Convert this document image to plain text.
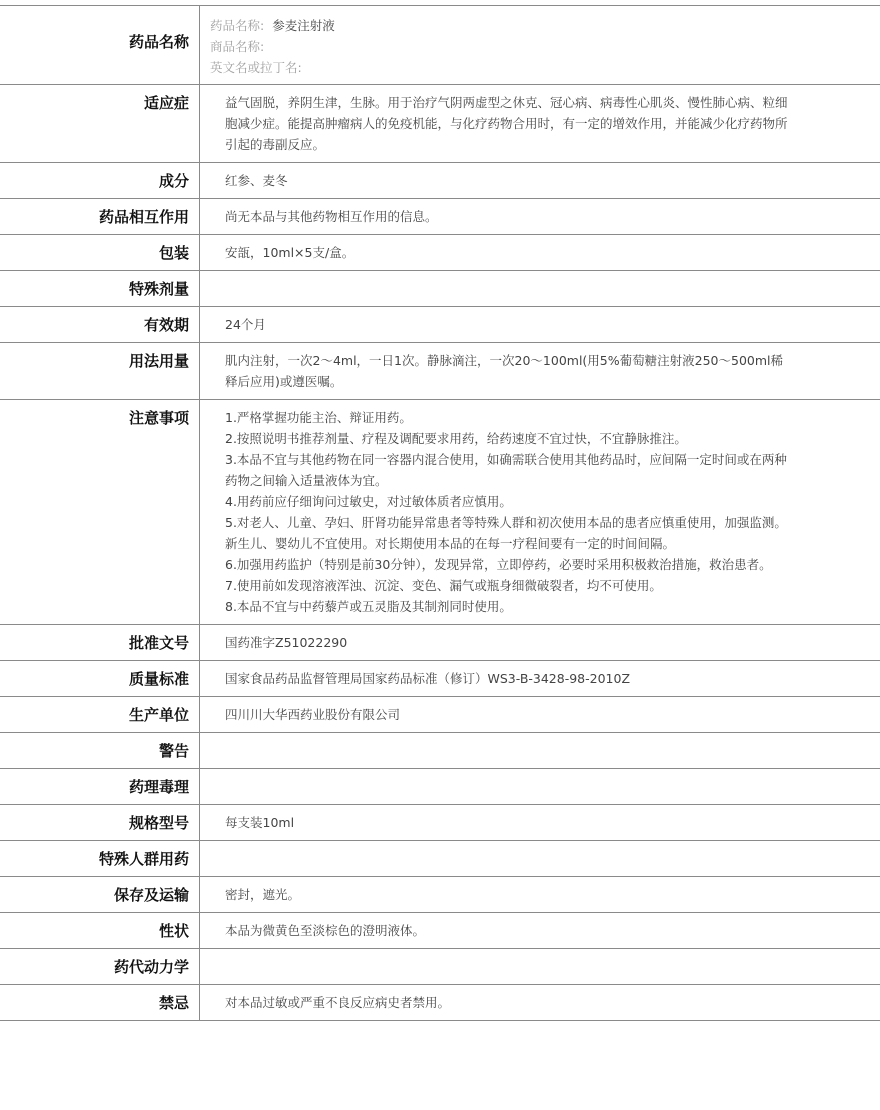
药品名称
药品名称: 参麦注射液
商品名称:
英文名或拉丁名:
适应症	益气固脱，养阴生津，生脉。用于治疗气阴两虚型之休克、冠心病、病毒性心肌炎、慢性肺心病、粒细胞减少症。能提高肿瘤病人的免疫机能，与化疗药物合用时，有一定的增效作用，并能减少化疗药物所引起的毒副反应。

成分	红参、麦冬

药品相互作用	尚无本品与其他药物相互作用的信息。

包装	安瓿，10ml×5支/盒。

特殊剂量

有效期	24个月

用法用量	肌内注射，一次2～4ml，一日1次。静脉滴注，一次20～100ml(用5%葡萄糖注射液250～500ml稀释后应用)或遵医嘱。

注意事项	1.严格掌握功能主治、辩证用药。

2.按照说明书推荐剂量、疗程及调配要求用药，给药速度不宜过快，不宜静脉推注。

3.本品不宜与其他药物在同一容器内混合使用，如确需联合使用其他药品时，应间隔一定时间或在两种药物之间输入适量液体为宜。

4.用药前应仔细询问过敏史，对过敏体质者应慎用。

5.对老人、儿童、孕妇、肝肾功能异常患者等特殊人群和初次使用本品的患者应慎重使用，加强监测。新生儿、婴幼儿不宜使用。对长期使用本品的在每一疗程间要有一定的时间间隔。

6.加强用药监护（特别是前30分钟），发现异常，立即停药，必要时采用积极救治措施，救治患者。

7.使用前如发现溶液浑浊、沉淀、变色、漏气或瓶身细微破裂者，均不可使用。

8.本品不宜与中药藜芦或五灵脂及其制剂同时使用。

批准文号	国药准字Z51022290

质量标准	国家食品药品监督管理局国家药品标准（修订）WS3-B-3428-98-2010Z

生产单位	四川川大华西药业股份有限公司

警告

药理毒理

规格型号	每支装10ml

特殊人群用药

保存及运输	密封，遮光。

性状	本品为微黄色至淡棕色的澄明液体。

药代动力学

禁忌	对本品过敏或严重不良反应病史者禁用。
